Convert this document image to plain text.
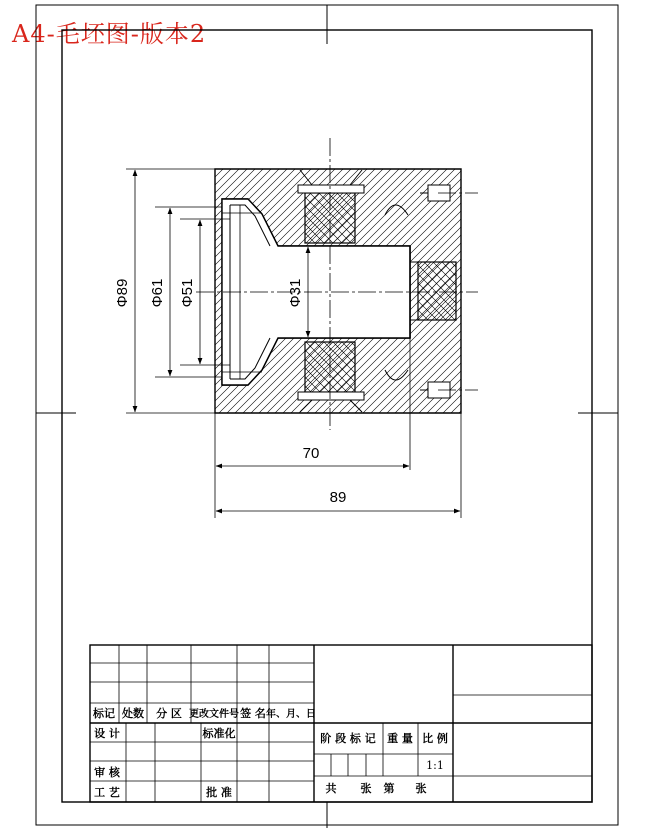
A4-毛坯图-版本2
Φ89 Φ61 Φ51	Φ31
70
89
标记 处数 分 区 更改文件号 签 名 年、月、日
设 计	标准化
审 核
工 艺	批 准
阶 段 标 记 重 量 比 例
1:1
共 张 第 张
